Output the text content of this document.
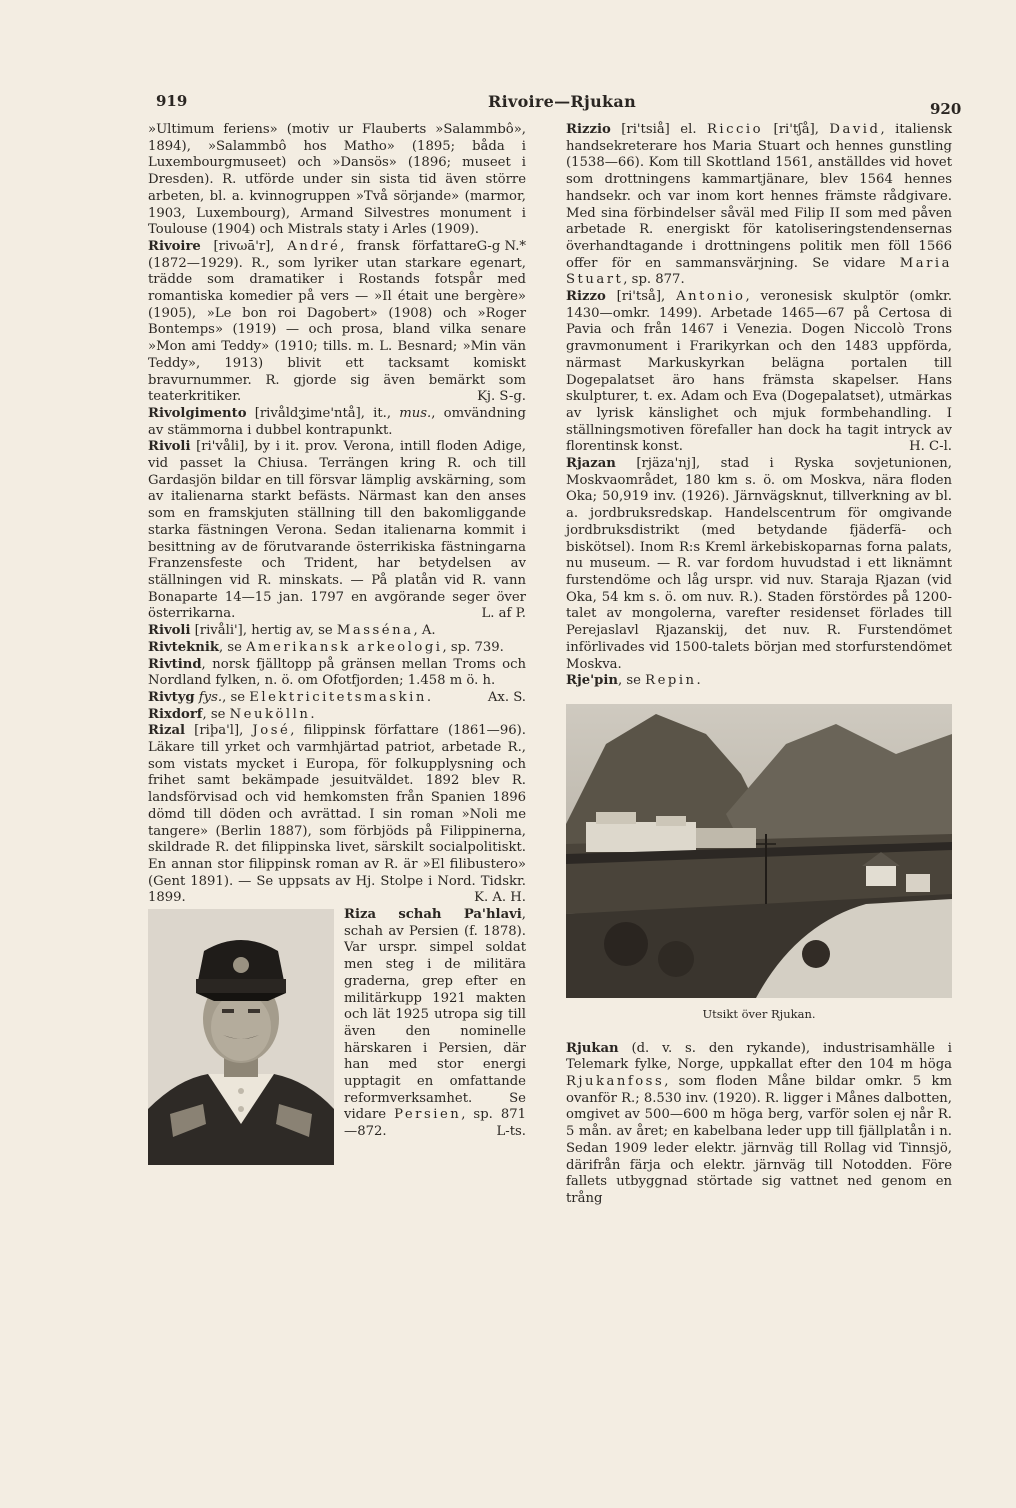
919	Rivoire—Rjukan	920

»Ultimum feriens» (motiv ur Flauberts »Salammbô», 1894), »Salammbô hos Matho» (1895; båda i Luxembourgmuseet) och »Dansös» (1896; museet i Dresden). R. utförde under sin sista tid även större arbeten, bl. a. kvinnogruppen »Två sörjande» (marmor, 1903, Luxembourg), Armand Silvestres monument i Toulouse (1904) och Mistrals staty i Arles (1909).
G-g N.*

Rivoire [rivωā'r], André, fransk författare (1872—1929). R., som lyriker utan starkare egenart, trädde som dramatiker i Rostands fotspår med romantiska komedier på vers — »Il était une bergère» (1905), »Le bon roi Dagobert» (1908) och »Roger Bontemps» (1919) — och prosa, bland vilka senare »Mon ami Teddy» (1910; tills. m. L. Besnard; »Min vän Teddy», 1913) blivit ett tacksamt komiskt bravurnummer. R. gjorde sig även bemärkt som teaterkritiker.	Kj. S-g.

Rivolgimento [rivåldʒime'ntå], it., mus., omvändning av stämmorna i dubbel kontrapunkt.

Rivoli [ri'våli], by i it. prov. Verona, intill floden Adige, vid passet la Chiusa. Terrängen kring R. och till Gardasjön bildar en till försvar lämplig avskärning, som av italienarna starkt befästs. Närmast kan den anses som en framskjuten ställning till den bakomliggande starka fästningen Verona. Sedan italienarna kommit i besittning av de förutvarande österrikiska fästningarna Franzensfeste och Trident, har betydelsen av ställningen vid R. minskats. — På platån vid R. vann Bonaparte 14—15 jan. 1797 en avgörande seger över österrikarna.	L. af P.

Rivoli [rivåli'], hertig av, se Masséna, A.

Rivteknik, se Amerikansk arkeologi, sp. 739.

Rivtind, norsk fjälltopp på gränsen mellan Troms och Nordland fylken, n. ö. om Ofotfjorden; 1.458 m ö. h.
Ax. S.

Rivtyg fys., se Elektricitetsmaskin.

Rixdorf, se Neukölln.

Rizal [riþa'l], José, filippinsk författare (1861—96). Läkare till yrket och varmhjärtad patriot, arbetade R., som vistats mycket i Europa, för folkupplysning och frihet samt bekämpade jesuitväldet. 1892 blev R. landsförvisad och vid hemkomsten från Spanien 1896 dömd till döden och avrättad. I sin roman »Noli me tangere» (Berlin 1887), som förbjöds på Filippinerna, skildrade R. det filippinska livet, särskilt socialpolitiskt. En annan stor filippinsk roman av R. är »El filibustero» (Gent 1891). — Se uppsats av Hj. Stolpe i Nord. Tidskr. 1899.	K. A. H.

Riza schah Pa'hlavi, schah av Persien (f. 1878). Var urspr. simpel soldat men steg i de militära graderna, grep efter en militärkupp 1921 makten och lät 1925 utropa sig till även den nominelle härskaren i Persien, där han med stor energi upptagit en omfattande reformverksamhet. Se vidare Persien, sp. 871—872.	L-ts.

Rizzio [ri'tsiå] el. Riccio [ri'tʃå], David, italiensk handsekreterare hos Maria Stuart och hennes gunstling (1538—66). Kom till Skottland 1561, anställdes vid hovet som drottningens kammartjänare, blev 1564 hennes handsekr. och var inom kort hennes främste rådgivare. Med sina förbindelser såväl med Filip II som med påven arbetade R. energiskt för katoliseringstendensernas överhandtagande i drottningens politik men föll 1566 offer för en sammansvärjning. Se vidare Maria Stuart, sp. 877.

Rizzo [ri'tså], Antonio, veronesisk skulptör (omkr. 1430—omkr. 1499). Arbetade 1465—67 på Certosa di Pavia och från 1467 i Venezia. Dogen Niccolò Trons gravmonument i Frarikyrkan och den 1483 uppförda, närmast Markuskyrkan belägna portalen till Dogepalatset äro hans främsta skapelser. Hans skulpturer, t. ex. Adam och Eva (Dogepalatset), utmärkas av lyrisk känslighet och mjuk formbehandling. I ställningsmotiven förefaller han dock ha tagit intryck av florentinsk konst.	H. C-l.

Rjazan [rjäza'nj], stad i Ryska sovjetunionen, Moskvaområdet, 180 km s. ö. om Moskva, nära floden Oka; 50,919 inv. (1926). Järnvägsknut, tillverkning av bl. a. jordbruksredskap. Handelscentrum för omgivande jordbruksdistrikt (med betydande fjäderfä- och biskötsel). Inom R:s Kreml ärkebiskoparnas forna palats, nu museum. — R. var fordom huvudstad i ett liknämnt furstendöme och låg urspr. vid nuv. Staraja Rjazan (vid Oka, 54 km s. ö. om nuv. R.). Staden förstördes på 1200-talet av mongolerna, varefter residenset förlades till Perejaslavl Rjazanskij, det nuv. R. Furstendömet införlivades vid 1500-talets början med storfurstendömet Moskva.

Rje'pin, se Repin.

Utsikt över Rjukan.

Rjukan (d. v. s. den rykande), industrisamhälle i Telemark fylke, Norge, uppkallat efter den 104 m höga Rjukanfoss, som floden Måne bildar omkr. 5 km ovanför R.; 8.530 inv. (1920). R. ligger i Månes dalbotten, omgivet av 500—600 m höga berg, varför solen ej når R. 5 mån. av året; en kabelbana leder upp till fjällplatån i n. Sedan 1909 leder elektr. järnväg till Rollag vid Tinnsjö, därifrån färja och elektr. järnväg till Notodden. Före fallets utbyggnad störtade sig vattnet ned genom en trång
